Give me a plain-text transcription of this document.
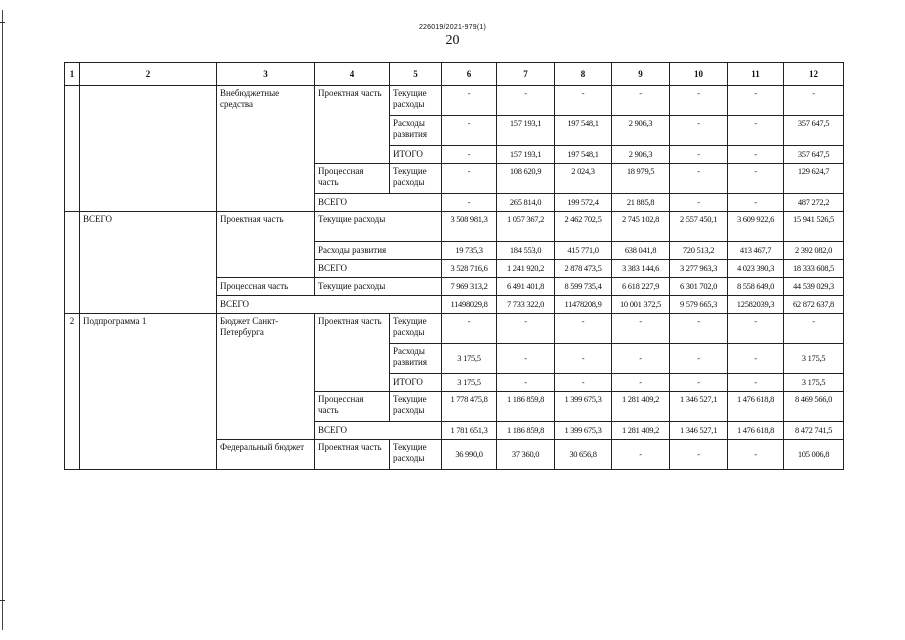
226019/2021-979(1)
20
1	2	3	4	5	6	7	8	9	10	11	12
		Внебюджетные средства	Проектная часть	Текущие расходы	-	-	-	-	-	-	-
				Расходы развития	-	157 193,1	197 548,1	2 906,3	-	-	357 647,5
				ИТОГО	-	157 193,1	197 548,1	2 906,3	-	-	357 647,5
			Процессная часть	Текущие расходы	-	108 620,9	2 024,3	18 979,5	-	-	129 624,7
			ВСЕГО		-	265 814,0	199 572,4	21 885,8	-	-	487 272,2
	ВСЕГО	Проектная часть	Текущие расходы		3 508 981,3	1 057 367,2	2 462 702,5	2 745 102,8	2 557 450,1	3 609 922,6	15 941 526,5
			Расходы развития		19 735,3	184 553,0	415 771,0	638 041,8	720 513,2	413 467,7	2 392 082,0
			ВСЕГО		3 528 716,6	1 241 920,2	2 878 473,5	3 383 144,6	3 277 963,3	4 023 390,3	18 333 608,5
		Процессная часть	Текущие расходы		7 969 313,2	6 491 401,8	8 599 735,4	6 618 227,9	6 301 702,0	8 558 649,0	44 539 029,3
		ВСЕГО			11498029,8	7 733 322,0	11478208,9	10 001 372,5	9 579 665,3	12582039,3	62 872 637,8
2	Подпрограмма 1	Бюджет Санкт-Петербурга	Проектная часть	Текущие расходы	-	-	-	-	-	-	-
				Расходы развития	3 175,5	-	-	-	-	-	3 175,5
				ИТОГО	3 175,5	-	-	-	-	-	3 175,5
			Процессная часть	Текущие расходы	1 778 475,8	1 186 859,8	1 399 675,3	1 281 409,2	1 346 527,1	1 476 618,8	8 469 566,0
			ВСЕГО		1 781 651,3	1 186 859,8	1 399 675,3	1 281 409,2	1 346 527,1	1 476 618,8	8 472 741,5
		Федеральный бюджет	Проектная часть	Текущие расходы	36 990,0	37 360,0	30 656,8	-	-	-	105 006,8
